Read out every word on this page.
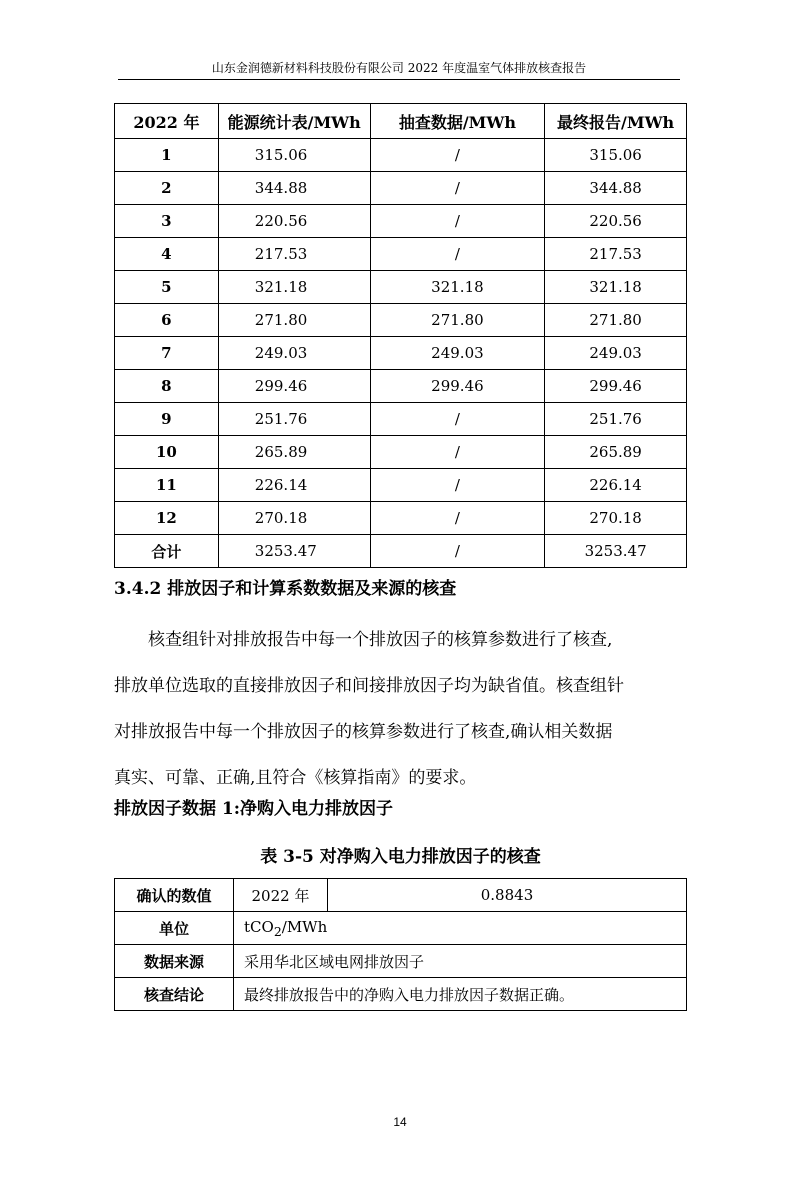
山东金润德新材料科技股份有限公司 2022 年度温室气体排放核查报告
2022 年	能源统计表/MWh	抽查数据/MWh	最终报告/MWh
1	315.06	/	315.06
2	344.88	/	344.88
3	220.56	/	220.56
4	217.53	/	217.53
5	321.18	321.18	321.18
6	271.80	271.80	271.80
7	249.03	249.03	249.03
8	299.46	299.46	299.46
9	251.76	/	251.76
10	265.89	/	265.89
11	226.14	/	226.14
12	270.18	/	270.18
合计	3253.47	/	3253.47
3.4.2 排放因子和计算系数数据及来源的核查

核查组针对排放报告中每一个排放因子的核算参数进行了核查,

排放单位选取的直接排放因子和间接排放因子均为缺省值。核查组针

对排放报告中每一个排放因子的核算参数进行了核查,确认相关数据

真实、可靠、正确,且符合《核算指南》的要求。

排放因子数据 1:净购入电力排放因子
表 3-5 对净购入电力排放因子的核查
确认的数值	2022 年	0.8843
单位	tCO$_2$/MWh	
数据来源	采用华北区域电网排放因子	
核查结论	最终排放报告中的净购入电力排放因子数据正确。	
14
